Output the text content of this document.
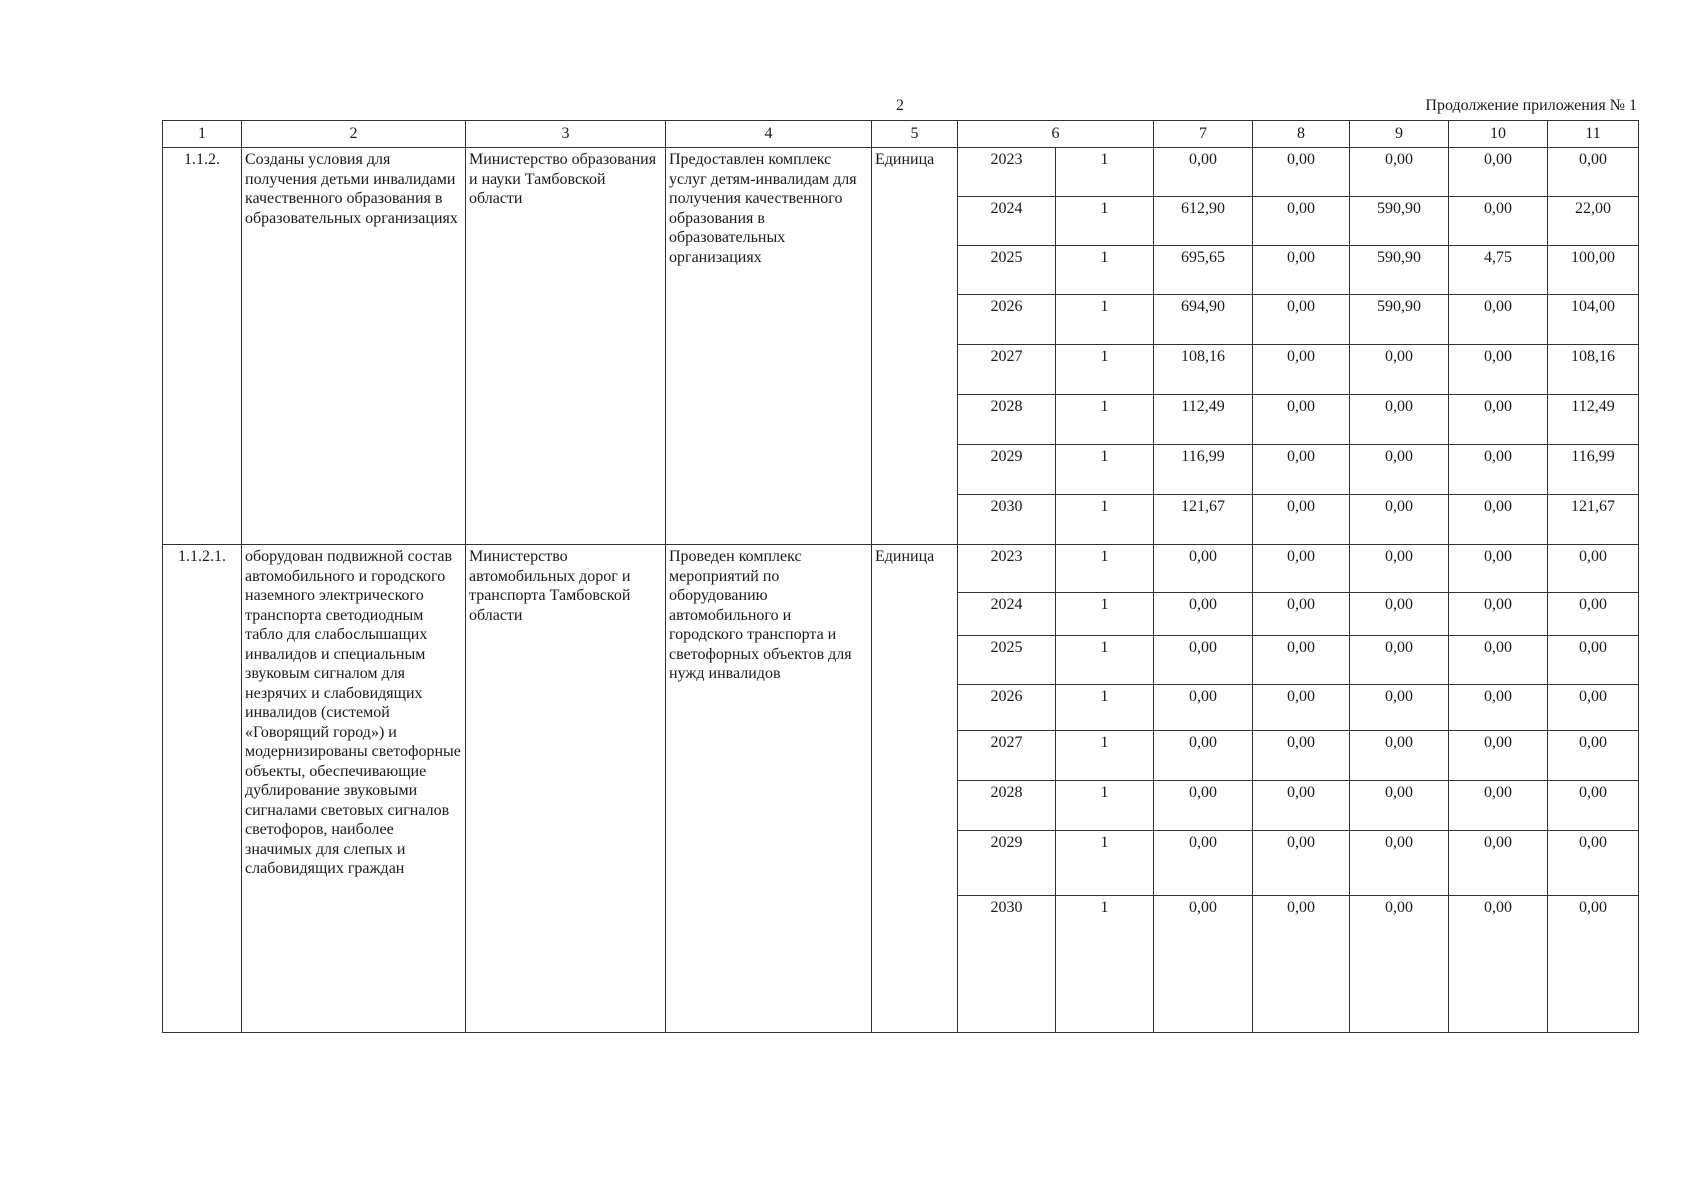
2	Продолжение приложения № 1
1	2	3	4	5	6		7	8	9	10	11
1.1.2.	Созданы условия для получения детьми инвалидами качественного образования в образовательных организациях	Министерство образования и науки Тамбовской области	Предоставлен комплекс услуг детям-инвалидам для получения качественного образования в образовательных организациях	Единица	2023	1	0,00	0,00	0,00	0,00	0,00
					2024	1	612,90	0,00	590,90	0,00	22,00
					2025	1	695,65	0,00	590,90	4,75	100,00
					2026	1	694,90	0,00	590,90	0,00	104,00
					2027	1	108,16	0,00	0,00	0,00	108,16
					2028	1	112,49	0,00	0,00	0,00	112,49
					2029	1	116,99	0,00	0,00	0,00	116,99
					2030	1	121,67	0,00	0,00	0,00	121,67
1.1.2.1.	оборудован подвижной состав автомобильного и городского наземного электрического транспорта светодиодным табло для слабослышащих инвалидов и специальным звуковым сигналом для незрячих и слабовидящих инвалидов (системой «Говорящий город») и модернизированы светофорные объекты, обеспечивающие дублирование звуковыми сигналами световых сигналов светофоров, наиболее значимых для слепых и слабовидящих граждан	Министерство автомобильных дорог и транспорта Тамбовской области	Проведен комплекс мероприятий по оборудованию автомобильного и городского транспорта и светофорных объектов для нужд инвалидов	Единица	2023	1	0,00	0,00	0,00	0,00	0,00
					2024	1	0,00	0,00	0,00	0,00	0,00
					2025	1	0,00	0,00	0,00	0,00	0,00
					2026	1	0,00	0,00	0,00	0,00	0,00
					2027	1	0,00	0,00	0,00	0,00	0,00
					2028	1	0,00	0,00	0,00	0,00	0,00
					2029	1	0,00	0,00	0,00	0,00	0,00
					2030	1	0,00	0,00	0,00	0,00	0,00
